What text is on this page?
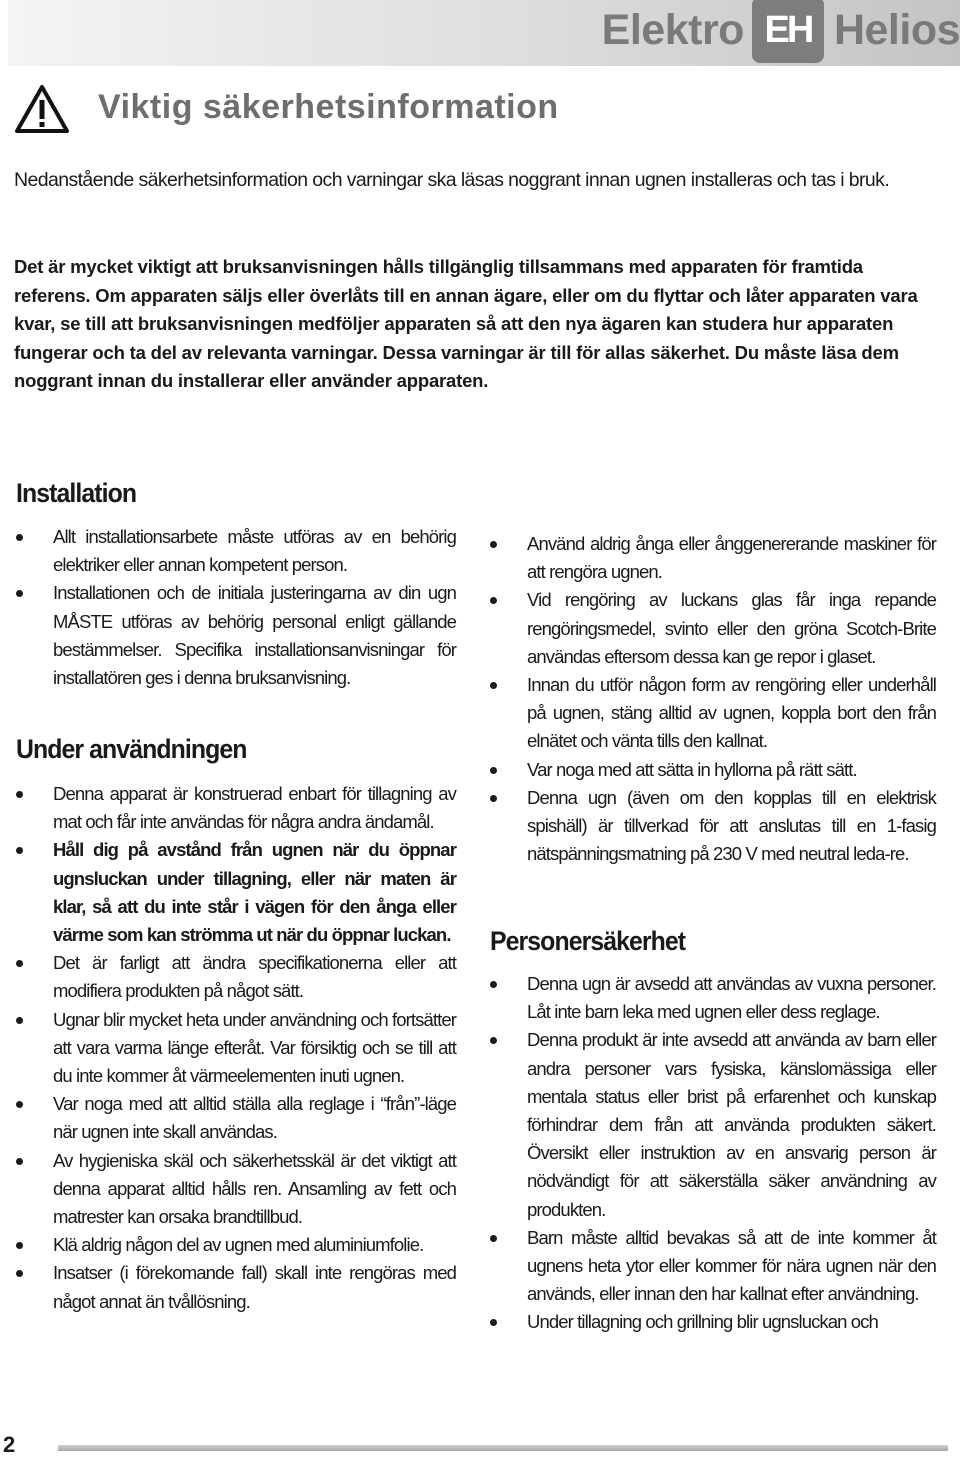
Elektro EH Helios
Viktig säkerhetsinformation

Nedanstående säkerhetsinformation och varningar ska läsas noggrant innan ugnen installeras och tas i bruk.

Det är mycket viktigt att bruksanvisningen hålls tillgänglig tillsammans med apparaten för framtida referens. Om apparaten säljs eller överlåts till en annan ägare, eller om du flyttar och låter apparaten vara kvar, se till att bruksanvisningen medföljer apparaten så att den nya ägaren kan studera hur apparaten fungerar och ta del av relevanta varningar. Dessa varningar är till för allas säkerhet. Du måste läsa dem noggrant innan du installerar eller använder apparaten.

Installation
Allt installationsarbete måste utföras av en behörig elektriker eller annan kompetent person.
Installationen och de initiala justeringarna av din ugn MÅSTE utföras av behörig personal enligt gällande bestämmelser. Specifika installationsanvisningar för installatören ges i denna bruksanvisning.
Under användningen
Denna apparat är konstruerad enbart för tillagning av mat och får inte användas för några andra ändamål.
Håll dig på avstånd från ugnen när du öppnar ugnsluckan under tillagning, eller när maten är klar, så att du inte står i vägen för den ånga eller värme som kan strömma ut när du öppnar luckan.
Det är farligt att ändra specifikationerna eller att modifiera produkten på något sätt.
Ugnar blir mycket heta under användning och fortsätter att vara varma länge efteråt. Var försiktig och se till att du inte kommer åt värmeelementen inuti ugnen.
Var noga med att alltid ställa alla reglage i “från”-läge när ugnen inte skall användas.
Av hygieniska skäl och säkerhetsskäl är det viktigt att denna apparat alltid hålls ren. Ansamling av fett och matrester kan orsaka brandtillbud.
Klä aldrig någon del av ugnen med aluminiumfolie.
Insatser (i förekomande fall) skall inte rengöras med något annat än tvållösning.
Använd aldrig ånga eller ånggenererande maskiner för att rengöra ugnen.
Vid rengöring av luckans glas får inga repande rengöringsmedel, svinto eller den gröna Scotch-Brite användas eftersom dessa kan ge repor i glaset.
Innan du utför någon form av rengöring eller underhåll på ugnen, stäng alltid av ugnen, koppla bort den från elnätet och vänta tills den kallnat.
Var noga med att sätta in hyllorna på rätt sätt.
Denna ugn (även om den kopplas till en elektrisk spishäll) är tillverkad för att anslutas till en 1-fasig nätspänningsmatning på 230 V med neutral leda-re.
Personersäkerhet
Denna ugn är avsedd att användas av vuxna personer. Låt inte barn leka med ugnen eller dess reglage.
Denna produkt är inte avsedd att använda av barn eller andra personer vars fysiska, känslomässiga eller mentala status eller brist på erfarenhet och kunskap förhindrar dem från att använda produkten säkert. Översikt eller instruktion av en ansvarig person är nödvändigt för att säkerställa säker användning av produkten.
Barn måste alltid bevakas så att de inte kommer åt ugnens heta ytor eller kommer för nära ugnen när den används, eller innan den har kallnat efter användning.
Under tillagning och grillning blir ugnsluckan och
2
